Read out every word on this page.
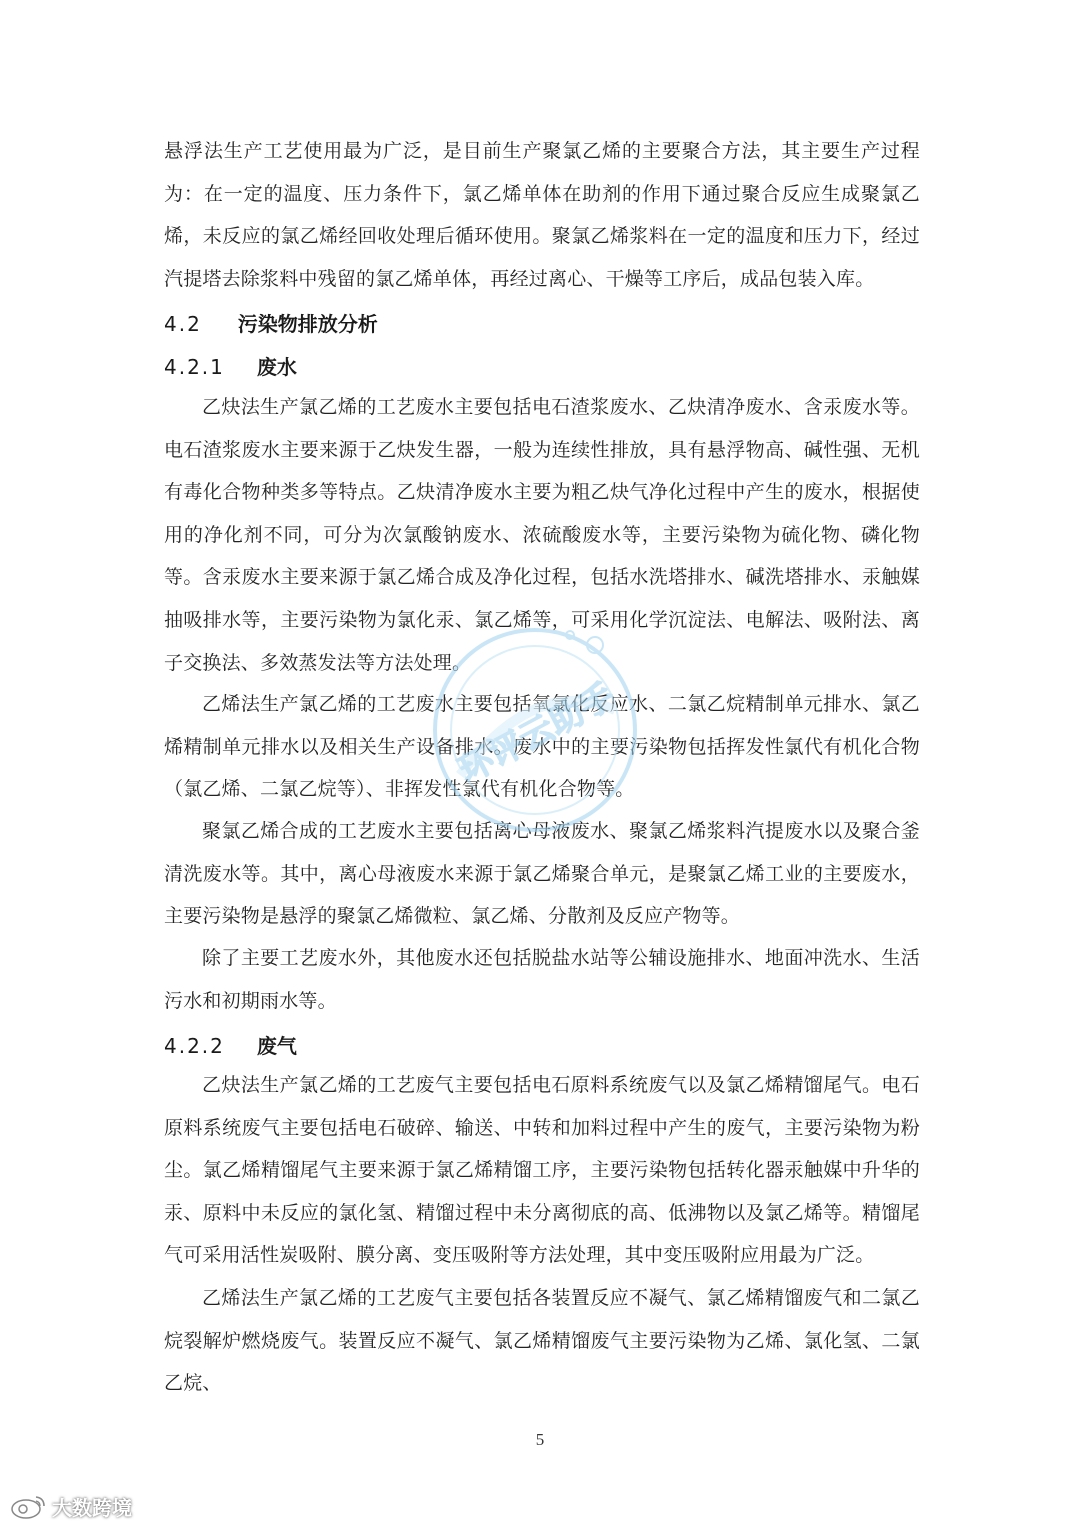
悬浮法生产工艺使用最为广泛，是目前生产聚氯乙烯的主要聚合方法，其主要生产过程为：在一定的温度、压力条件下，氯乙烯单体在助剂的作用下通过聚合反应生成聚氯乙烯，未反应的氯乙烯经回收处理后循环使用。聚氯乙烯浆料在一定的温度和压力下，经过汽提塔去除浆料中残留的氯乙烯单体，再经过离心、干燥等工序后，成品包装入库。

4.2 污染物排放分析
4.2.1 废水

乙炔法生产氯乙烯的工艺废水主要包括电石渣浆废水、乙炔清净废水、含汞废水等。电石渣浆废水主要来源于乙炔发生器，一般为连续性排放，具有悬浮物高、碱性强、无机有毒化合物种类多等特点。乙炔清净废水主要为粗乙炔气净化过程中产生的废水，根据使用的净化剂不同，可分为次氯酸钠废水、浓硫酸废水等，主要污染物为硫化物、磷化物等。含汞废水主要来源于氯乙烯合成及净化过程，包括水洗塔排水、碱洗塔排水、汞触媒抽吸排水等，主要污染物为氯化汞、氯乙烯等，可采用化学沉淀法、电解法、吸附法、离子交换法、多效蒸发法等方法处理。

乙烯法生产氯乙烯的工艺废水主要包括氧氯化反应水、二氯乙烷精制单元排水、氯乙烯精制单元排水以及相关生产设备排水。废水中的主要污染物包括挥发性氯代有机化合物（氯乙烯、二氯乙烷等）、非挥发性氯代有机化合物等。

聚氯乙烯合成的工艺废水主要包括离心母液废水、聚氯乙烯浆料汽提废水以及聚合釜清洗废水等。其中，离心母液废水来源于氯乙烯聚合单元，是聚氯乙烯工业的主要废水，主要污染物是悬浮的聚氯乙烯微粒、氯乙烯、分散剂及反应产物等。

除了主要工艺废水外，其他废水还包括脱盐水站等公辅设施排水、地面冲洗水、生活污水和初期雨水等。

4.2.2 废气

乙炔法生产氯乙烯的工艺废气主要包括电石原料系统废气以及氯乙烯精馏尾气。电石原料系统废气主要包括电石破碎、输送、中转和加料过程中产生的废气，主要污染物为粉尘。氯乙烯精馏尾气主要来源于氯乙烯精馏工序，主要污染物包括转化器汞触媒中升华的汞、原料中未反应的氯化氢、精馏过程中未分离彻底的高、低沸物以及氯乙烯等。精馏尾气可采用活性炭吸附、膜分离、变压吸附等方法处理，其中变压吸附应用最为广泛。

乙烯法生产氯乙烯的工艺废气主要包括各装置反应不凝气、氯乙烯精馏废气和二氯乙烷裂解炉燃烧废气。装置反应不凝气、氯乙烯精馏废气主要污染物为乙烯、氯化氢、二氯乙烷、

5
环评云助手
大数跨境
